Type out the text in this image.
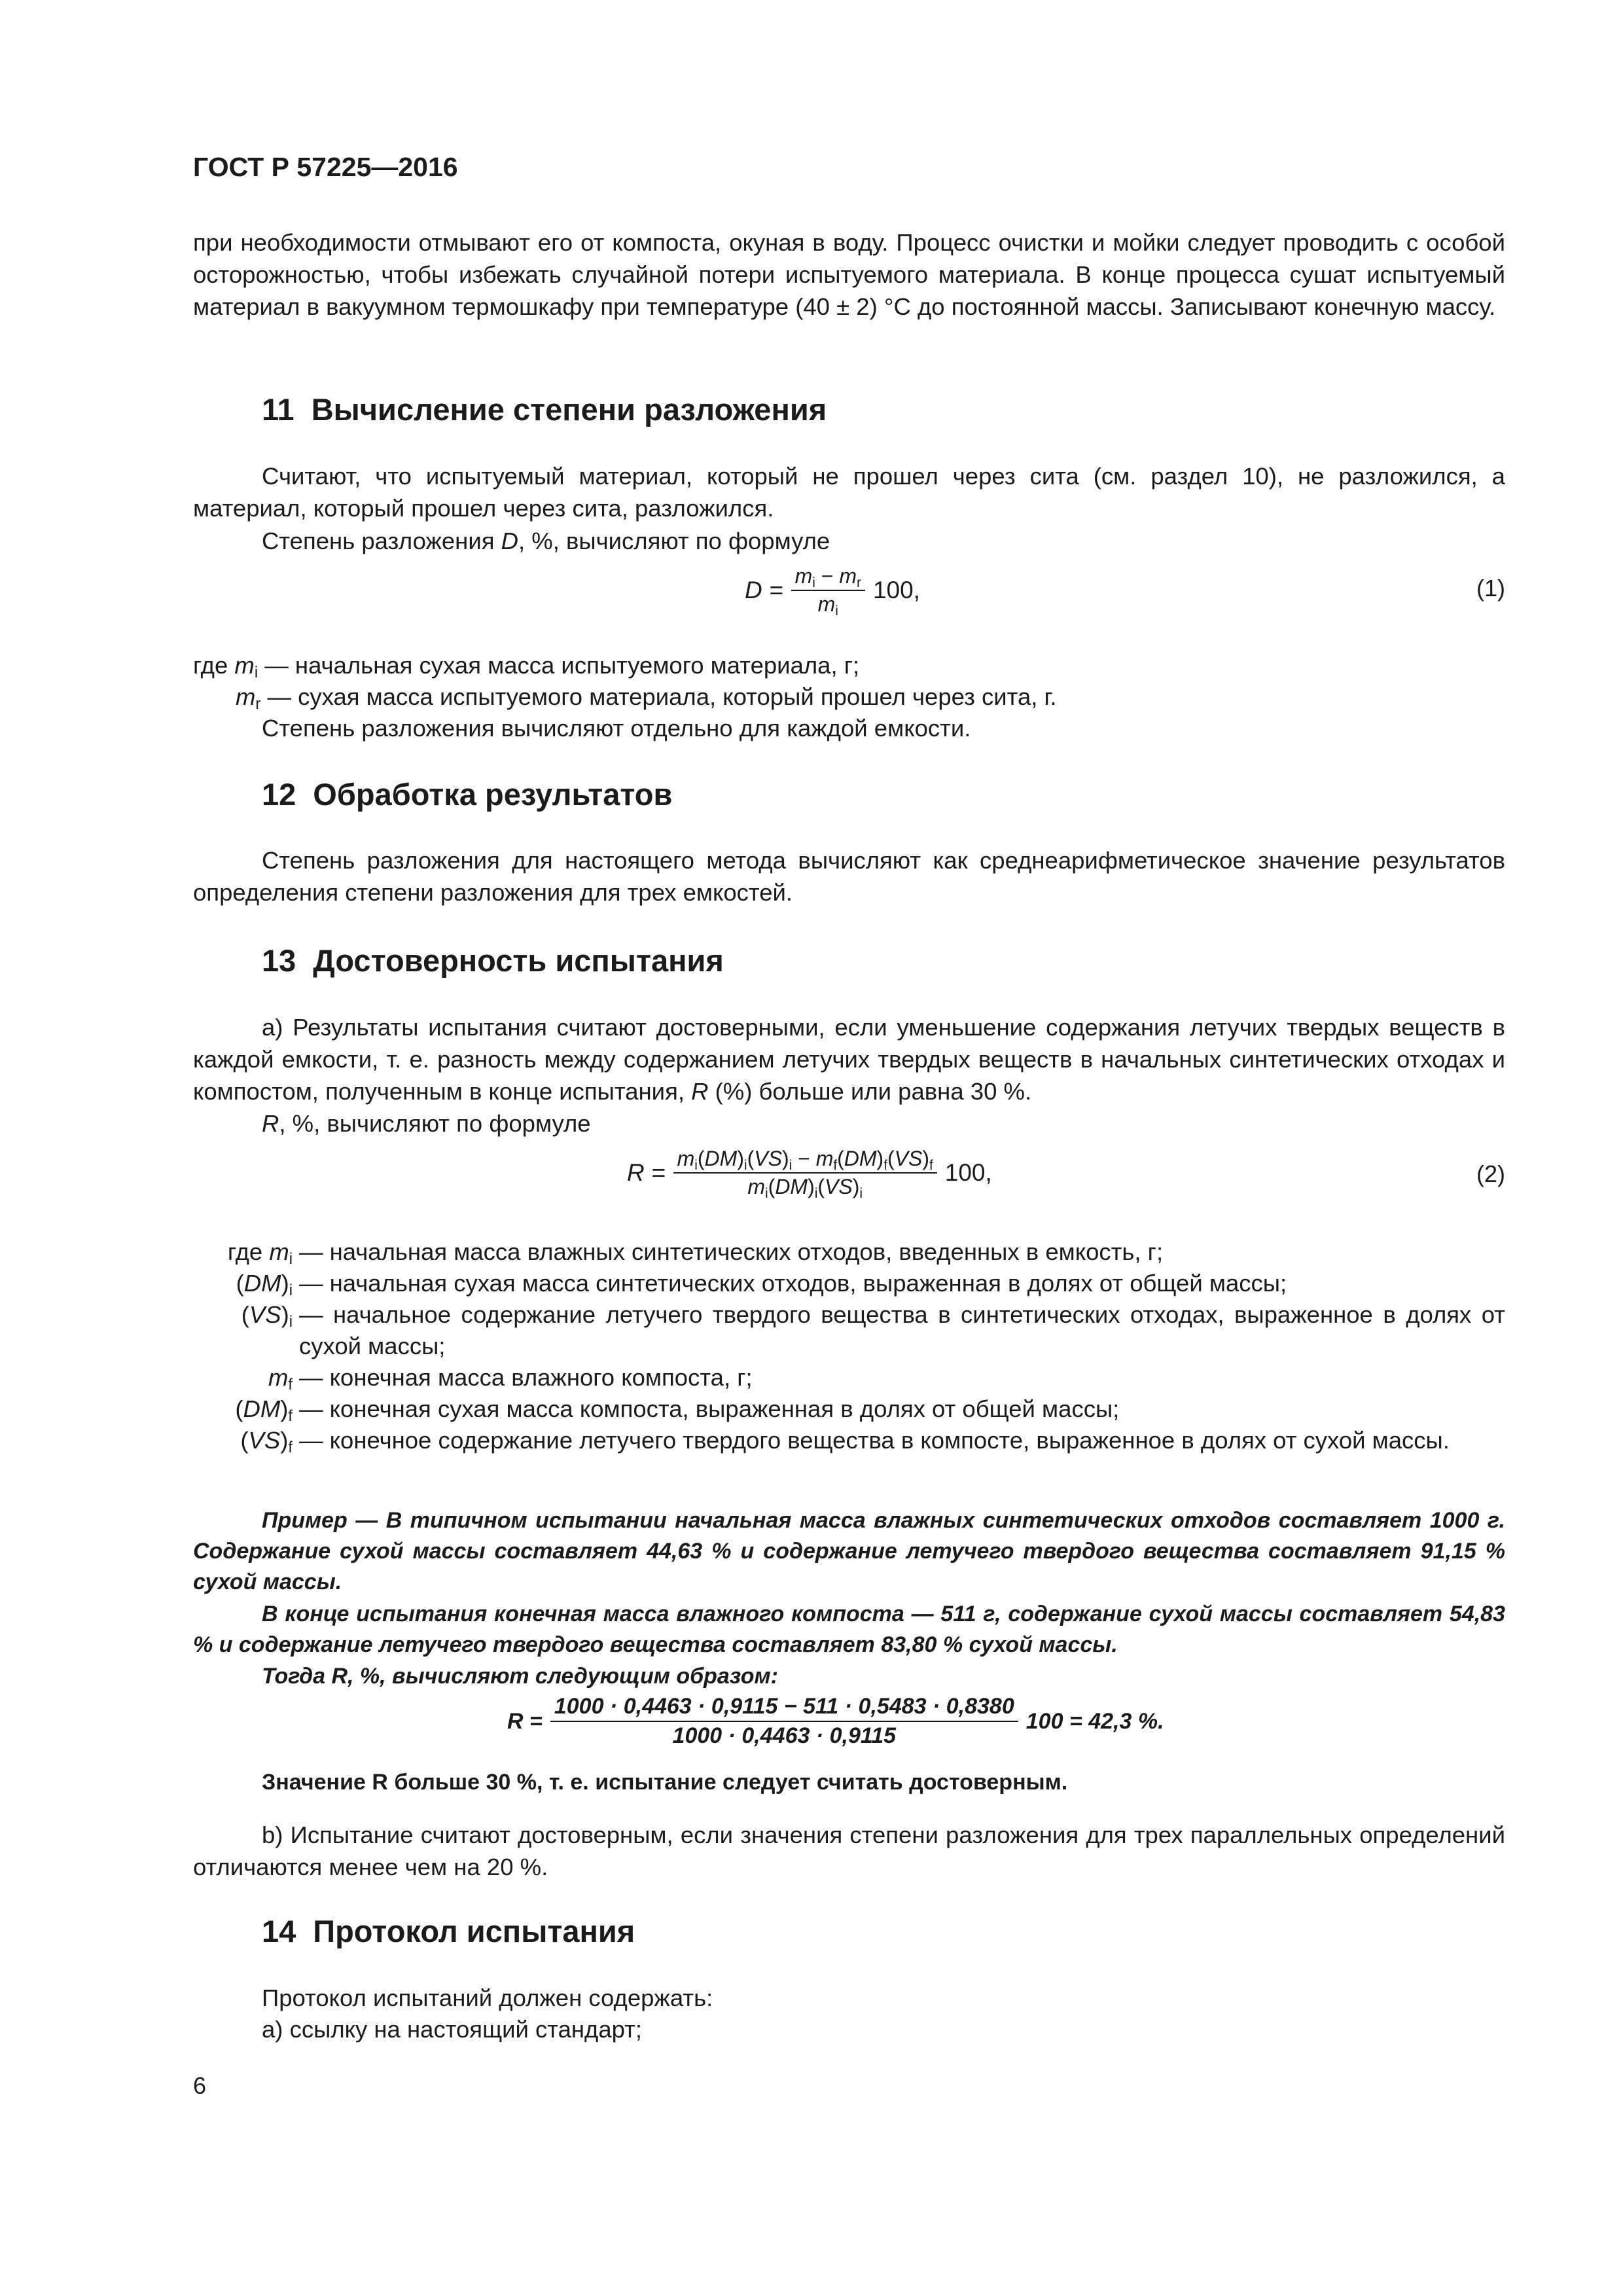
ГОСТ Р 57225—2016
при необходимости отмывают его от компоста, окуная в воду. Процесс очистки и мойки следует проводить с особой осторожностью, чтобы избежать случайной потери испытуемого материала. В конце процесса сушат испытуемый материал в вакуумном термошкафу при температуре (40 ± 2) °С до постоянной массы. Записывают конечную массу.
11 Вычисление степени разложения
Считают, что испытуемый материал, который не прошел через сита (см. раздел 10), не разложился, а материал, который прошел через сита, разложился.
Степень разложения D, %, вычисляют по формуле
$D = \frac{m_i - m_r}{m_i} 100$,	(1)
где $m_i$ — начальная сухая масса испытуемого материала, г;
$m_r$ — сухая масса испытуемого материала, который прошел через сита, г.
Степень разложения вычисляют отдельно для каждой емкости.
12 Обработка результатов
Степень разложения для настоящего метода вычисляют как среднеарифметическое значение результатов определения степени разложения для трех емкостей.
13 Достоверность испытания
a) Результаты испытания считают достоверными, если уменьшение содержания летучих твердых веществ в каждой емкости, т. е. разность между содержанием летучих твердых веществ в начальных синтетических отходах и компостом, полученным в конце испытания, R (%) больше или равна 30 %.
R, %, вычисляют по формуле
$R = \frac{m_i(DM)_i(VS)_i - m_f(DM)_f(VS)_f}{m_i(DM)_i(VS)_i} 100$,	(2)
где $m_i$ — начальная масса влажных синтетических отходов, введенных в емкость, г;
$(DM)_i$ — начальная сухая масса синтетических отходов, выраженная в долях от общей массы;
$(VS)_i$ — начальное содержание летучего твердого вещества в синтетических отходах, выраженное в долях от сухой массы;
$m_f$ — конечная масса влажного компоста, г;
$(DM)_f$ — конечная сухая масса компоста, выраженная в долях от общей массы;
$(VS)_f$ — конечное содержание летучего твердого вещества в компосте, выраженное в долях от сухой массы.
Пример — В типичном испытании начальная масса влажных синтетических отходов составляет 1000 г. Содержание сухой массы составляет 44,63 % и содержание летучего твердого вещества составляет 91,15 % сухой массы.
В конце испытания конечная масса влажного компоста — 511 г, содержание сухой массы составляет 54,83 % и содержание летучего твердого вещества составляет 83,80 % сухой массы.
Тогда R, %, вычисляют следующим образом:
$R = \frac{1000 \cdot 0,4463 \cdot 0,9115 - 511 \cdot 0,5483 \cdot 0,8380}{1000 \cdot 0,4463 \cdot 0,9115} 100 = 42,3$ %.
Значение R больше 30 %, т. е. испытание следует считать достоверным.
b) Испытание считают достоверным, если значения степени разложения для трех параллельных определений отличаются менее чем на 20 %.
14 Протокол испытания
Протокол испытаний должен содержать:
a) ссылку на настоящий стандарт;
6
